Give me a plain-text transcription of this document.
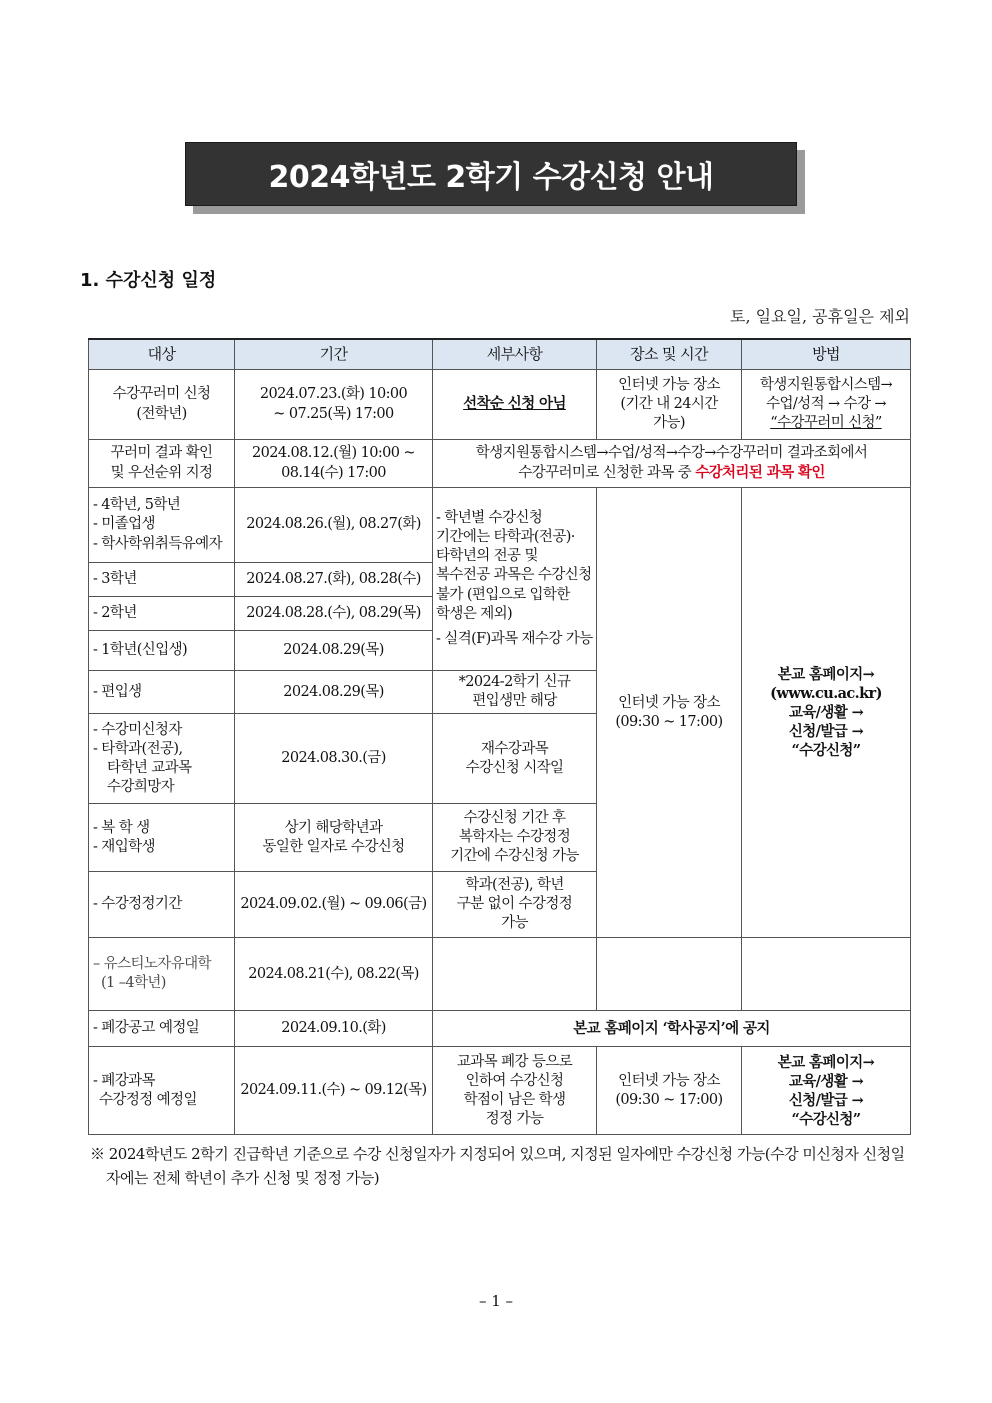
2024학년도 2학기 수강신청 안내
1. 수강신청 일정
토, 일요일, 공휴일은 제외
대상	기간	세부사항	장소 및 시간	방법

수강꾸러미 신청
(전학년)	2024.07.23.(화) 10:00
~ 07.25(목) 17:00	선착순 신청 아님	인터넷 가능 장소
(기간 내 24시간
가능)	학생지원통합시스템→
수업/성적 → 수강 →
“수강꾸러미 신청”

꾸러미 결과 확인
및 우선순위 지정	2024.08.12.(월) 10:00 ~
08.14(수) 17:00	학생지원통합시스템→수업/성적→수강→수강꾸러미 결과조회에서
수강꾸러미로 신청한 과목 중 수강처리된 과목 확인		

- 4학년, 5학년
- 미졸업생
- 학사학위취득유예자	2024.08.26.(월), 08.27(화)	- 학년별 수강신청 기간에는 타학과(전공)·타학년의 전공 및 복수전공 과목은 수강신청 불가 (편입으로 입학한 학생은 제외)
- 실격(F)과목 재수강 가능	인터넷 가능 장소
(09:30 ~ 17:00)	본교 홈페이지→
(www.cu.ac.kr)
교육/생활 →
신청/발급 →
“수강신청”

- 3학년	2024.08.27.(화), 08.28(수)			
- 2학년	2024.08.28.(수), 08.29(목)			
- 1학년(신입생)	2024.08.29(목)			
- 편입생	2024.08.29(목)	*2024-2학기 신규
편입생만 해당		

- 수강미신청자
- 타학과(전공),
타학년 교과목
수강희망자	2024.08.30.(금)	재수강과목
수강신청 시작일		

- 복 학 생
- 재입학생	상기 해당학년과
동일한 일자로 수강신청	수강신청 기간 후
복학자는 수강정정
기간에 수강신청 가능		

- 수강정정기간	2024.09.02.(월) ~ 09.06(금)	학과(전공), 학년
구분 없이 수강정정
가능		

– 유스티노자유대학
(1 –4학년)	2024.08.21(수), 08.22(목)			
- 폐강공고 예정일	2024.09.10.(화)	본교 홈페이지 ‘학사공지’에 공지		

- 폐강과목
수강정정 예정일	2024.09.11.(수) ~ 09.12(목)	교과목 폐강 등으로
인하여 수강신청
학점이 남은 학생
정정 가능	인터넷 가능 장소
(09:30 ~ 17:00)	본교 홈페이지→
교육/생활 →
신청/발급 →
“수강신청”
※ 2024학년도 2학기 진급학년 기준으로 수강 신청일자가 지정되어 있으며, 지정된 일자에만 수강신청 가능(수강 미신청자 신청일자에는 전체 학년이 추가 신청 및 정정 가능)
– 1 –
